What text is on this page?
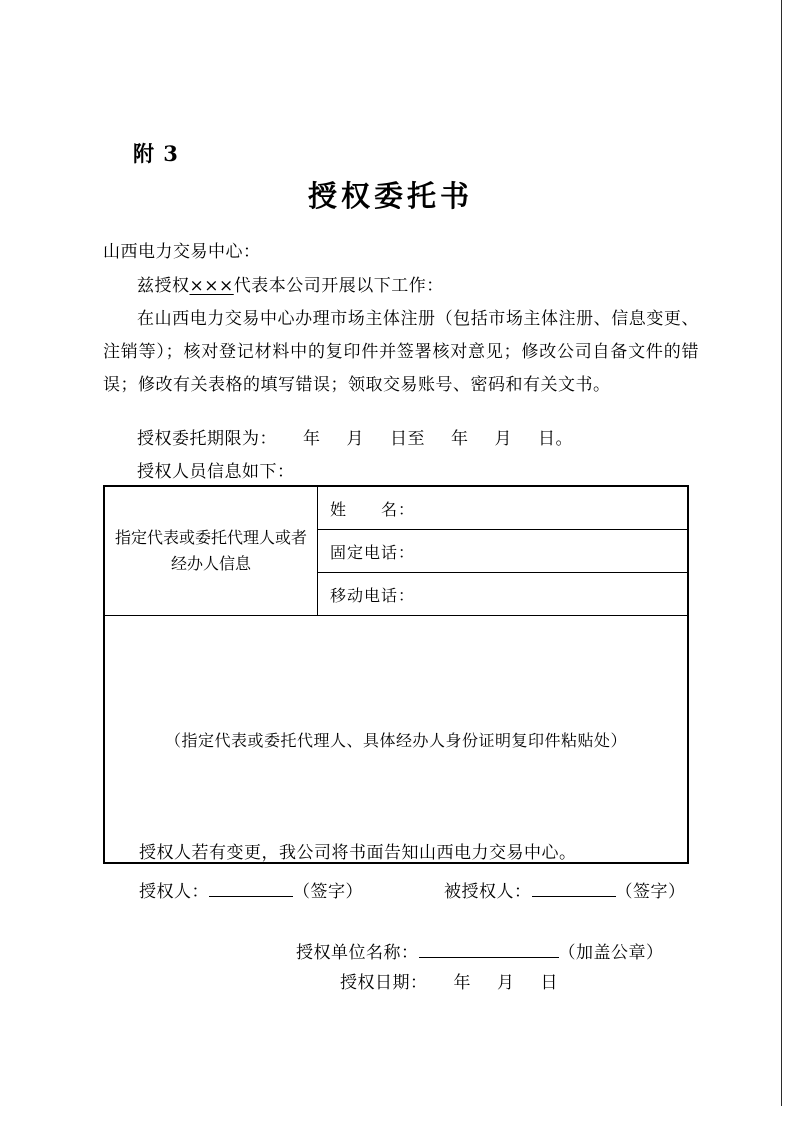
附 3
授权委托书
山西电力交易中心：
兹授权×××代表本公司开展以下工作：
在山西电力交易中心办理市场主体注册（包括市场主体注册、信息变更、注销等）；核对登记材料中的复印件并签署核对意见；修改公司自备文件的错误；修改有关表格的填写错误；领取交易账号、密码和有关文书。
授权委托期限为： 年 月 日至 年 月 日。
授权人员信息如下：
指定代表或委托代理人或者经办人信息	姓　　名：
固定电话：
移动电话：
（指定代表或委托代理人、具体经办人身份证明复印件粘贴处）
授权人若有变更，我公司将书面告知山西电力交易中心。
授权人：	（签字）	被授权人：	（签字）
授权单位名称：	（加盖公章）
授权日期： 年 月 日
